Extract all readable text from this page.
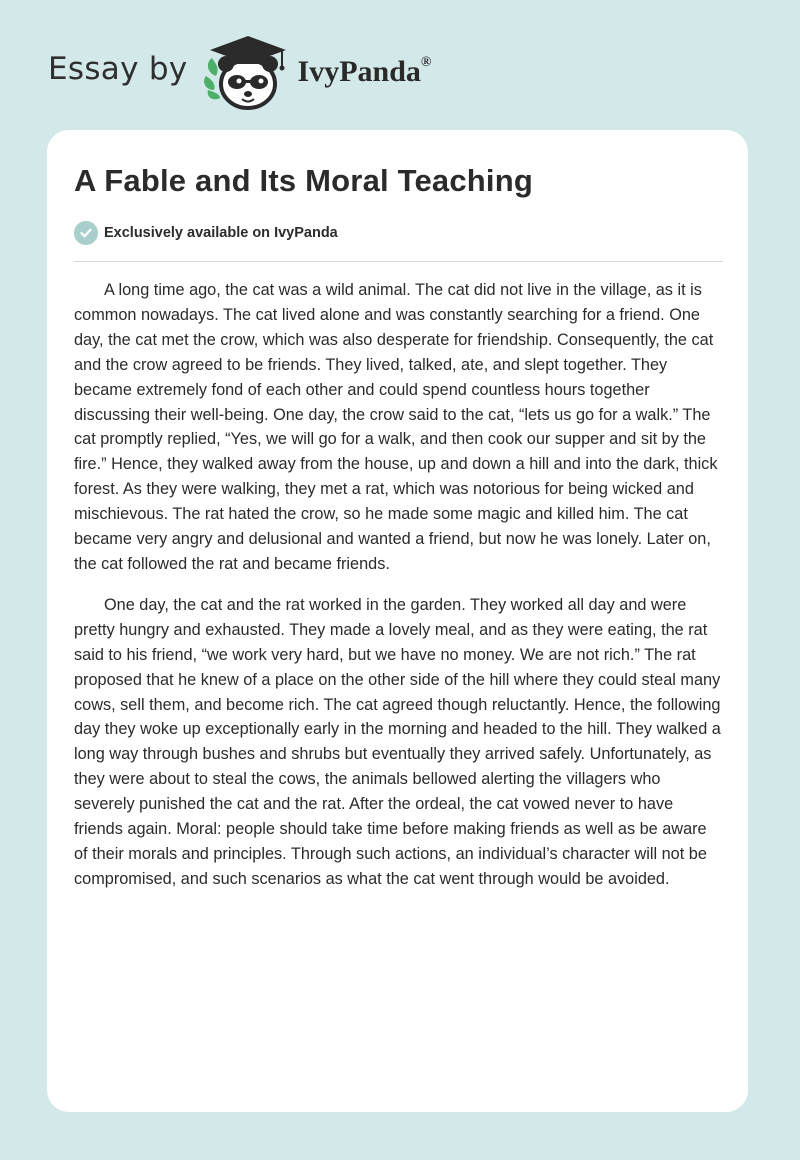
Essay by	IvyPanda®
A Fable and Its Moral Teaching
Exclusively available on IvyPanda

A long time ago, the cat was a wild animal. The cat did not live in the village, as it is common nowadays. The cat lived alone and was constantly searching for a friend. One day, the cat met the crow, which was also desperate for friendship. Consequently, the cat and the crow agreed to be friends. They lived, talked, ate, and slept together. They became extremely fond of each other and could spend countless hours together discussing their well-being. One day, the crow said to the cat, “lets us go for a walk.” The cat promptly replied, “Yes, we will go for a walk, and then cook our supper and sit by the fire.” Hence, they walked away from the house, up and down a hill and into the dark, thick forest. As they were walking, they met a rat, which was notorious for being wicked and mischievous. The rat hated the crow, so he made some magic and killed him. The cat became very angry and delusional and wanted a friend, but now he was lonely. Later on, the cat followed the rat and became friends.

One day, the cat and the rat worked in the garden. They worked all day and were pretty hungry and exhausted. They made a lovely meal, and as they were eating, the rat said to his friend, “we work very hard, but we have no money. We are not rich.” The rat proposed that he knew of a place on the other side of the hill where they could steal many cows, sell them, and become rich. The cat agreed though reluctantly. Hence, the following day they woke up exceptionally early in the morning and headed to the hill. They walked a long way through bushes and shrubs but eventually they arrived safely. Unfortunately, as they were about to steal the cows, the animals bellowed alerting the villagers who severely punished the cat and the rat. After the ordeal, the cat vowed never to have friends again. Moral: people should take time before making friends as well as be aware of their morals and principles. Through such actions, an individual’s character will not be compromised, and such scenarios as what the cat went through would be avoided.
